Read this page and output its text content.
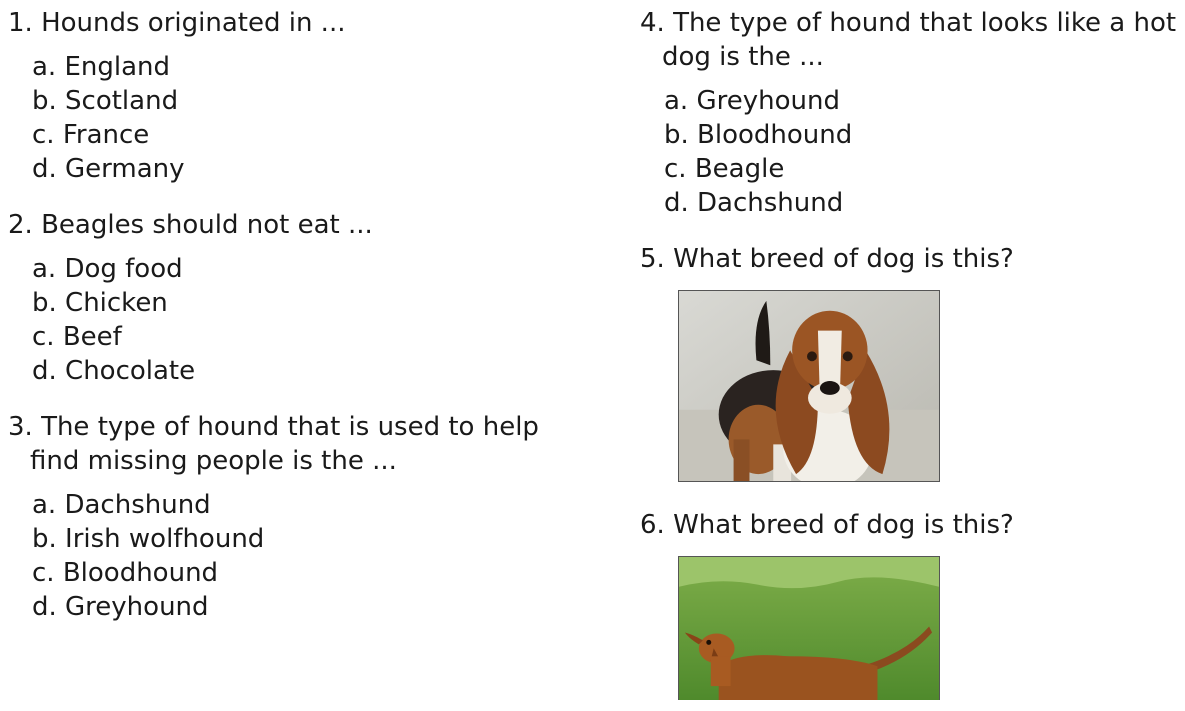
1. Hounds originated in ...

a. England
b. Scotland
c. France
d. Germany

2. Beagles should not eat ...

a. Dog food
b. Chicken
c. Beef
d. Chocolate

3. The type of hound that is used to help
find missing people is the ...

a. Dachshund
b. Irish wolfhound
c. Bloodhound
d. Greyhound

4. The type of hound that looks like a hot
dog is the ...

a. Greyhound
b. Bloodhound
c. Beagle
d. Dachshund

5. What breed of dog is this?

6. What breed of dog is this?
